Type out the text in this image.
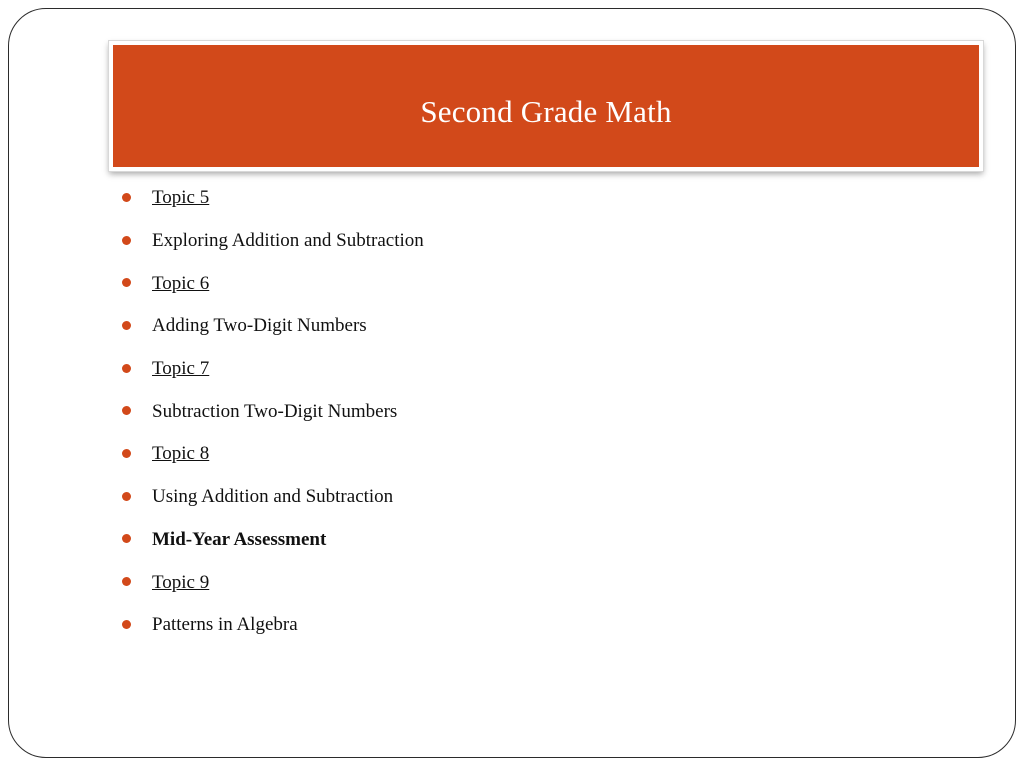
Second Grade Math
Topic 5
Exploring Addition and Subtraction
Topic 6
Adding Two-Digit Numbers
Topic 7
Subtraction Two-Digit Numbers
Topic 8
Using Addition and Subtraction
Mid-Year Assessment
Topic 9
Patterns in Algebra
